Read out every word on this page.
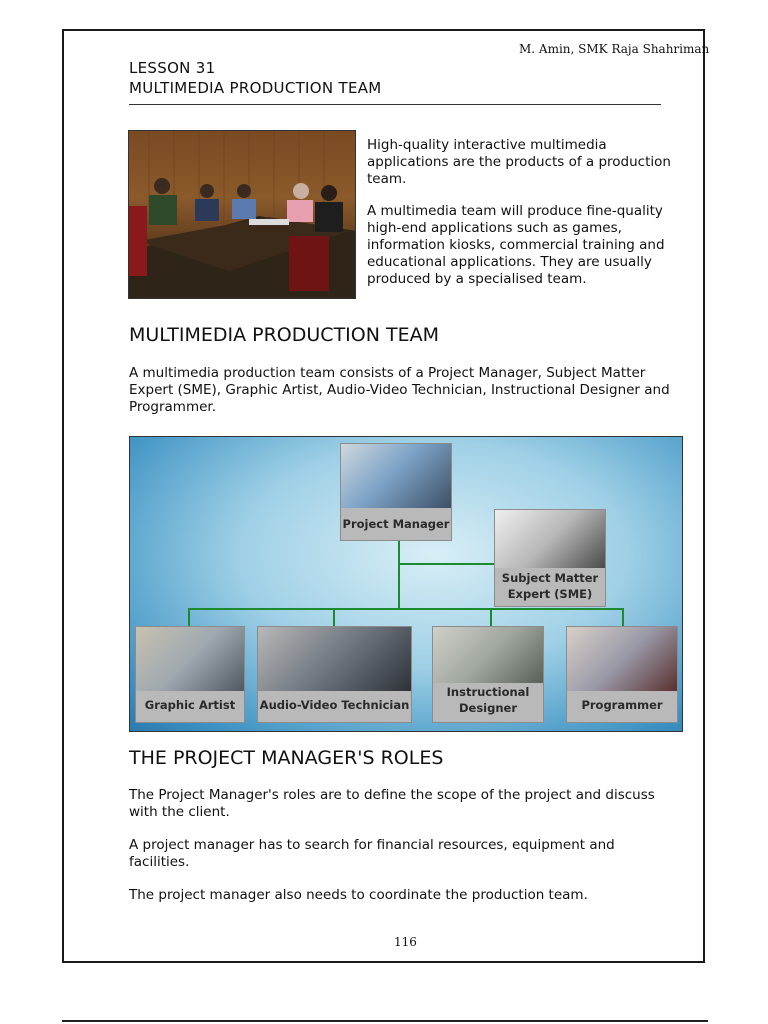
M. Amin, SMK Raja Shahriman
LESSON 31
MULTIMEDIA PRODUCTION TEAM

High-quality interactive multimedia applications are the products of a production team.

A multimedia team will produce fine-quality high-end applications such as games, information kiosks, commercial training and educational applications. They are usually produced by a specialised team.

MULTIMEDIA PRODUCTION TEAM

A multimedia production team consists of a Project Manager, Subject Matter Expert (SME), Graphic Artist, Audio-Video Technician, Instructional Designer and Programmer.

Project Manager
Subject Matter
Expert (SME)
Graphic Artist	Audio-Video Technician
Instructional
Designer	Programmer
THE PROJECT MANAGER'S ROLES

The Project Manager's roles are to define the scope of the project and discuss with the client.

A project manager has to search for financial resources, equipment and facilities.

The project manager also needs to coordinate the production team.

116
